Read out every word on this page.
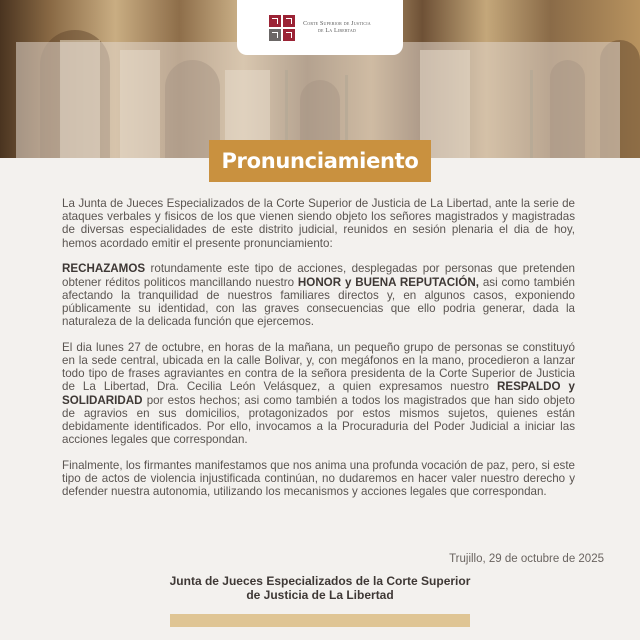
Corte Superior de Justicia
de La Libertad
Pronunciamiento

La Junta de Jueces Especializados de la Corte Superior de Justicia de La Libertad, ante la serie de ataques verbales y fisicos de los que vienen siendo objeto los señores magistrados y magistradas de diversas especialidades de este distrito judicial, reunidos en sesión plenaria el dia de hoy, hemos acordado emitir el presente pronunciamiento:

RECHAZAMOS rotundamente este tipo de acciones, desplegadas por personas que pretenden obtener réditos politicos mancillando nuestro HONOR y BUENA REPUTACIÓN, asi como también afectando la tranquilidad de nuestros familiares directos y, en algunos casos, exponiendo públicamente su identidad, con las graves consecuencias que ello podria generar, dada la naturaleza de la delicada función que ejercemos.

El dia lunes 27 de octubre, en horas de la mañana, un pequeño grupo de personas se constituyó en la sede central, ubicada en la calle Bolivar, y, con megáfonos en la mano, procedieron a lanzar todo tipo de frases agraviantes en contra de la señora presidenta de la Corte Superior de Justicia de La Libertad, Dra. Cecilia León Velásquez, a quien expresamos nuestro RESPALDO y SOLIDARIDAD por estos hechos; asi como también a todos los magistrados que han sido objeto de agravios en sus domicilios, protagonizados por estos mismos sujetos, quienes están debidamente identificados. Por ello, invocamos a la Procuraduria del Poder Judicial a iniciar las acciones legales que correspondan.

Finalmente, los firmantes manifestamos que nos anima una profunda vocación de paz, pero, si este tipo de actos de violencia injustificada continúan, no dudaremos en hacer valer nuestro derecho y defender nuestra autonomia, utilizando los mecanismos y acciones legales que correspondan.

Trujillo, 29 de octubre de 2025
Junta de Jueces Especializados de la Corte Superior
de Justicia de La Libertad
